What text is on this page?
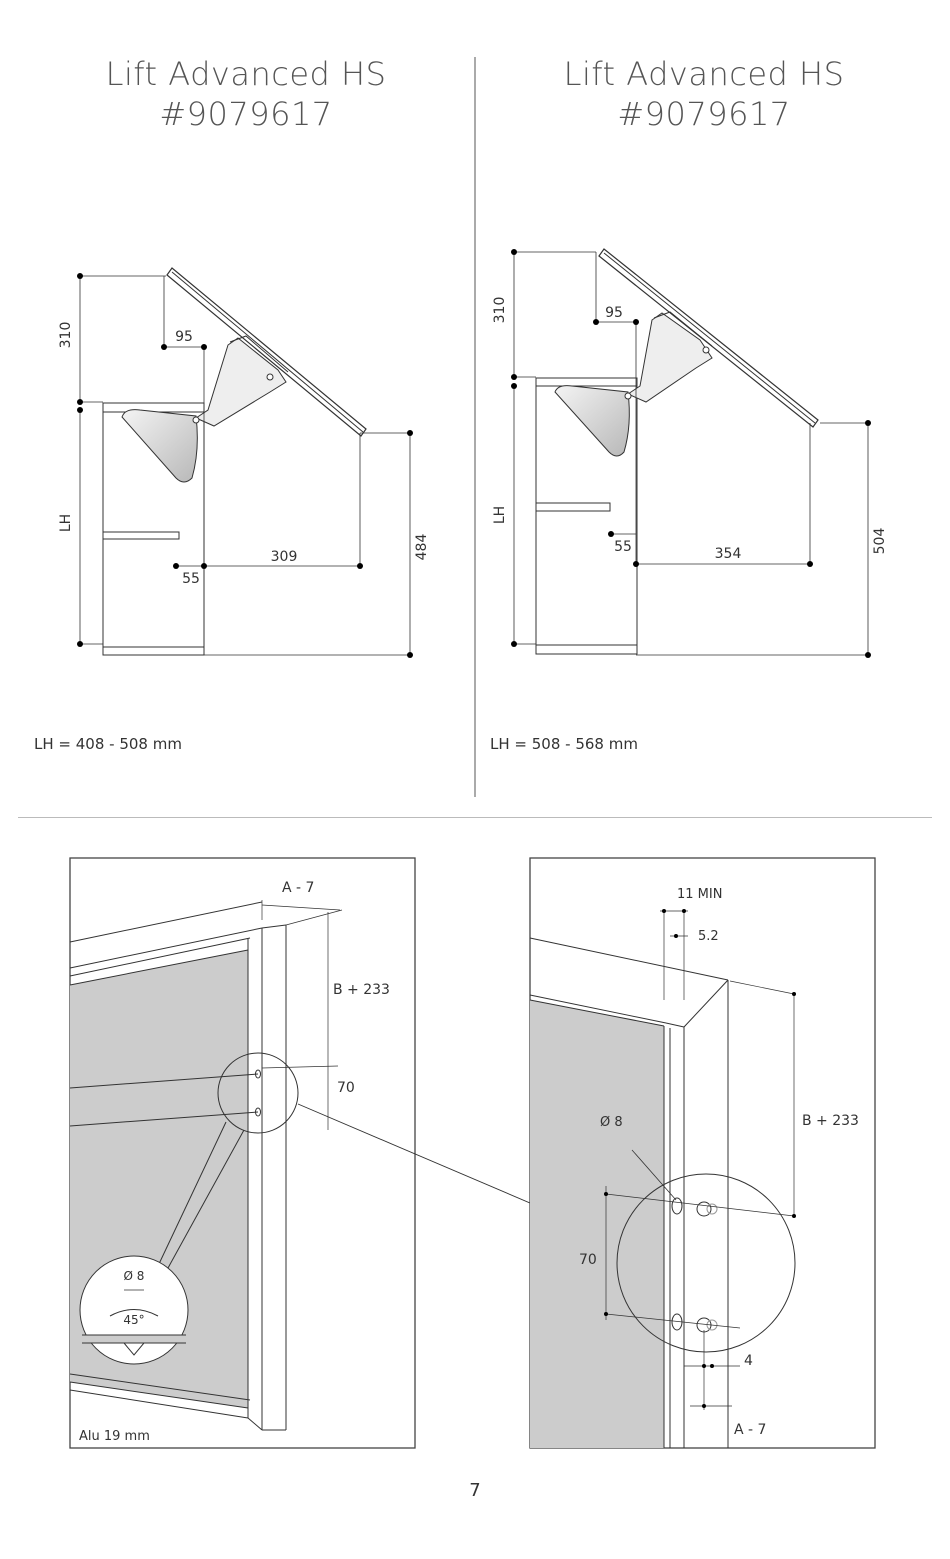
Lift Advanced HS
#9079617
Lift Advanced HS
#9079617
310	95
LH
55
309	484
310	95
LH
55	354	504
A - 7
B + 233
70
Ø 8
45°
Alu 19 mm
11 MIN
5.2
B + 233
Ø 8
70
4
A - 7
LH = 408 - 508 mm	LH = 508 - 568 mm
7
